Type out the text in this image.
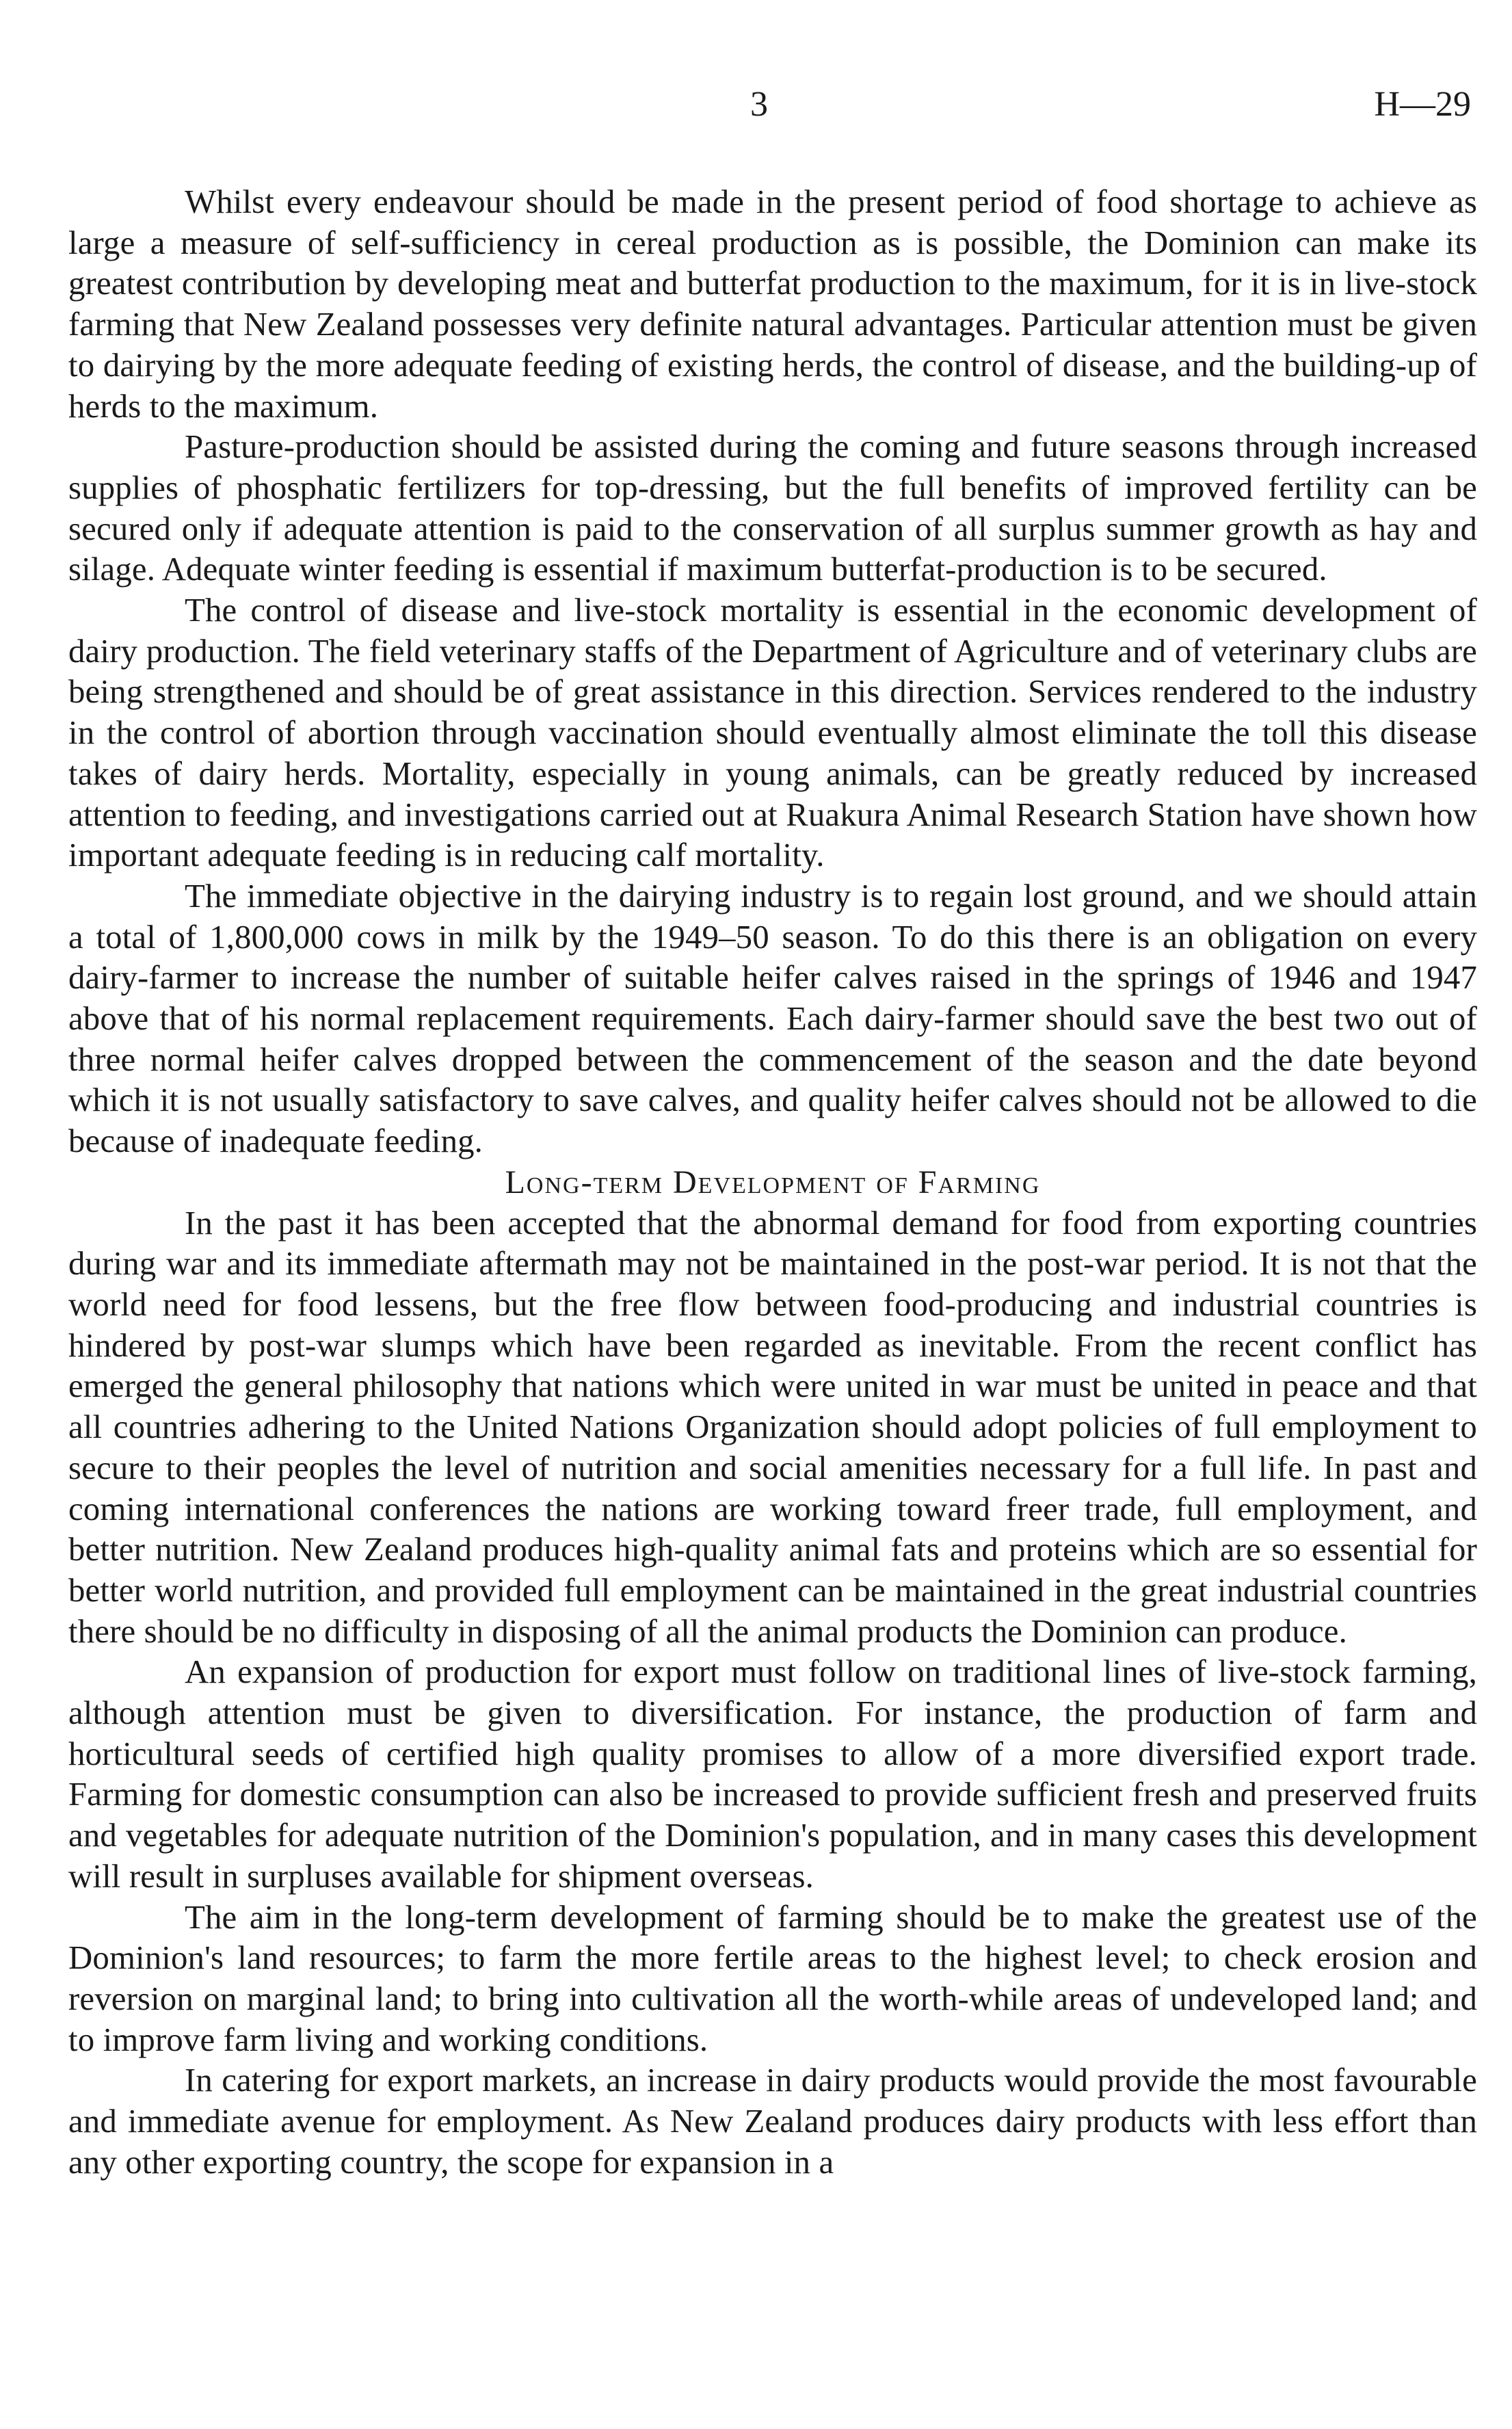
3	H—29

Whilst every endeavour should be made in the present period of food shortage to achieve as large a measure of self-sufficiency in cereal production as is possible, the Dominion can make its greatest contribution by developing meat and butterfat production to the maximum, for it is in live-stock farming that New Zealand possesses very definite natural advantages. Particular attention must be given to dairying by the more adequate feeding of existing herds, the control of disease, and the building-up of herds to the maximum.

Pasture-production should be assisted during the coming and future seasons through increased supplies of phosphatic fertilizers for top-dressing, but the full benefits of improved fertility can be secured only if adequate attention is paid to the conservation of all surplus summer growth as hay and silage. Adequate winter feeding is essential if maximum butterfat-production is to be secured.

The control of disease and live-stock mortality is essential in the economic development of dairy production. The field veterinary staffs of the Department of Agriculture and of veterinary clubs are being strengthened and should be of great assistance in this direction. Services rendered to the industry in the control of abortion through vaccination should eventually almost eliminate the toll this disease takes of dairy herds. Mortality, especially in young animals, can be greatly reduced by increased attention to feeding, and investigations carried out at Ruakura Animal Research Station have shown how important adequate feeding is in reducing calf mortality.

The immediate objective in the dairying industry is to regain lost ground, and we should attain a total of 1,800,000 cows in milk by the 1949–50 season. To do this there is an obligation on every dairy-farmer to increase the number of suitable heifer calves raised in the springs of 1946 and 1947 above that of his normal replacement requirements. Each dairy-farmer should save the best two out of three normal heifer calves dropped between the commencement of the season and the date beyond which it is not usually satisfactory to save calves, and quality heifer calves should not be allowed to die because of inadequate feeding.

Long-term Development of Farming

In the past it has been accepted that the abnormal demand for food from exporting countries during war and its immediate aftermath may not be maintained in the post-war period. It is not that the world need for food lessens, but the free flow between food-producing and industrial countries is hindered by post-war slumps which have been regarded as inevitable. From the recent conflict has emerged the general philosophy that nations which were united in war must be united in peace and that all countries adhering to the United Nations Organization should adopt policies of full employment to secure to their peoples the level of nutrition and social amenities necessary for a full life. In past and coming international conferences the nations are working toward freer trade, full employment, and better nutrition. New Zealand produces high-quality animal fats and proteins which are so essential for better world nutrition, and provided full employment can be maintained in the great industrial countries there should be no difficulty in disposing of all the animal products the Dominion can produce.

An expansion of production for export must follow on traditional lines of live-stock farming, although attention must be given to diversification. For instance, the production of farm and horticultural seeds of certified high quality promises to allow of a more diversified export trade. Farming for domestic consumption can also be increased to provide sufficient fresh and preserved fruits and vegetables for adequate nutrition of the Dominion's population, and in many cases this development will result in surpluses available for shipment overseas.

The aim in the long-term development of farming should be to make the greatest use of the Dominion's land resources; to farm the more fertile areas to the highest level; to check erosion and reversion on marginal land; to bring into cultivation all the worth-while areas of undeveloped land; and to improve farm living and working conditions.

In catering for export markets, an increase in dairy products would provide the most favourable and immediate avenue for employment. As New Zealand produces dairy products with less effort than any other exporting country, the scope for expansion in a
